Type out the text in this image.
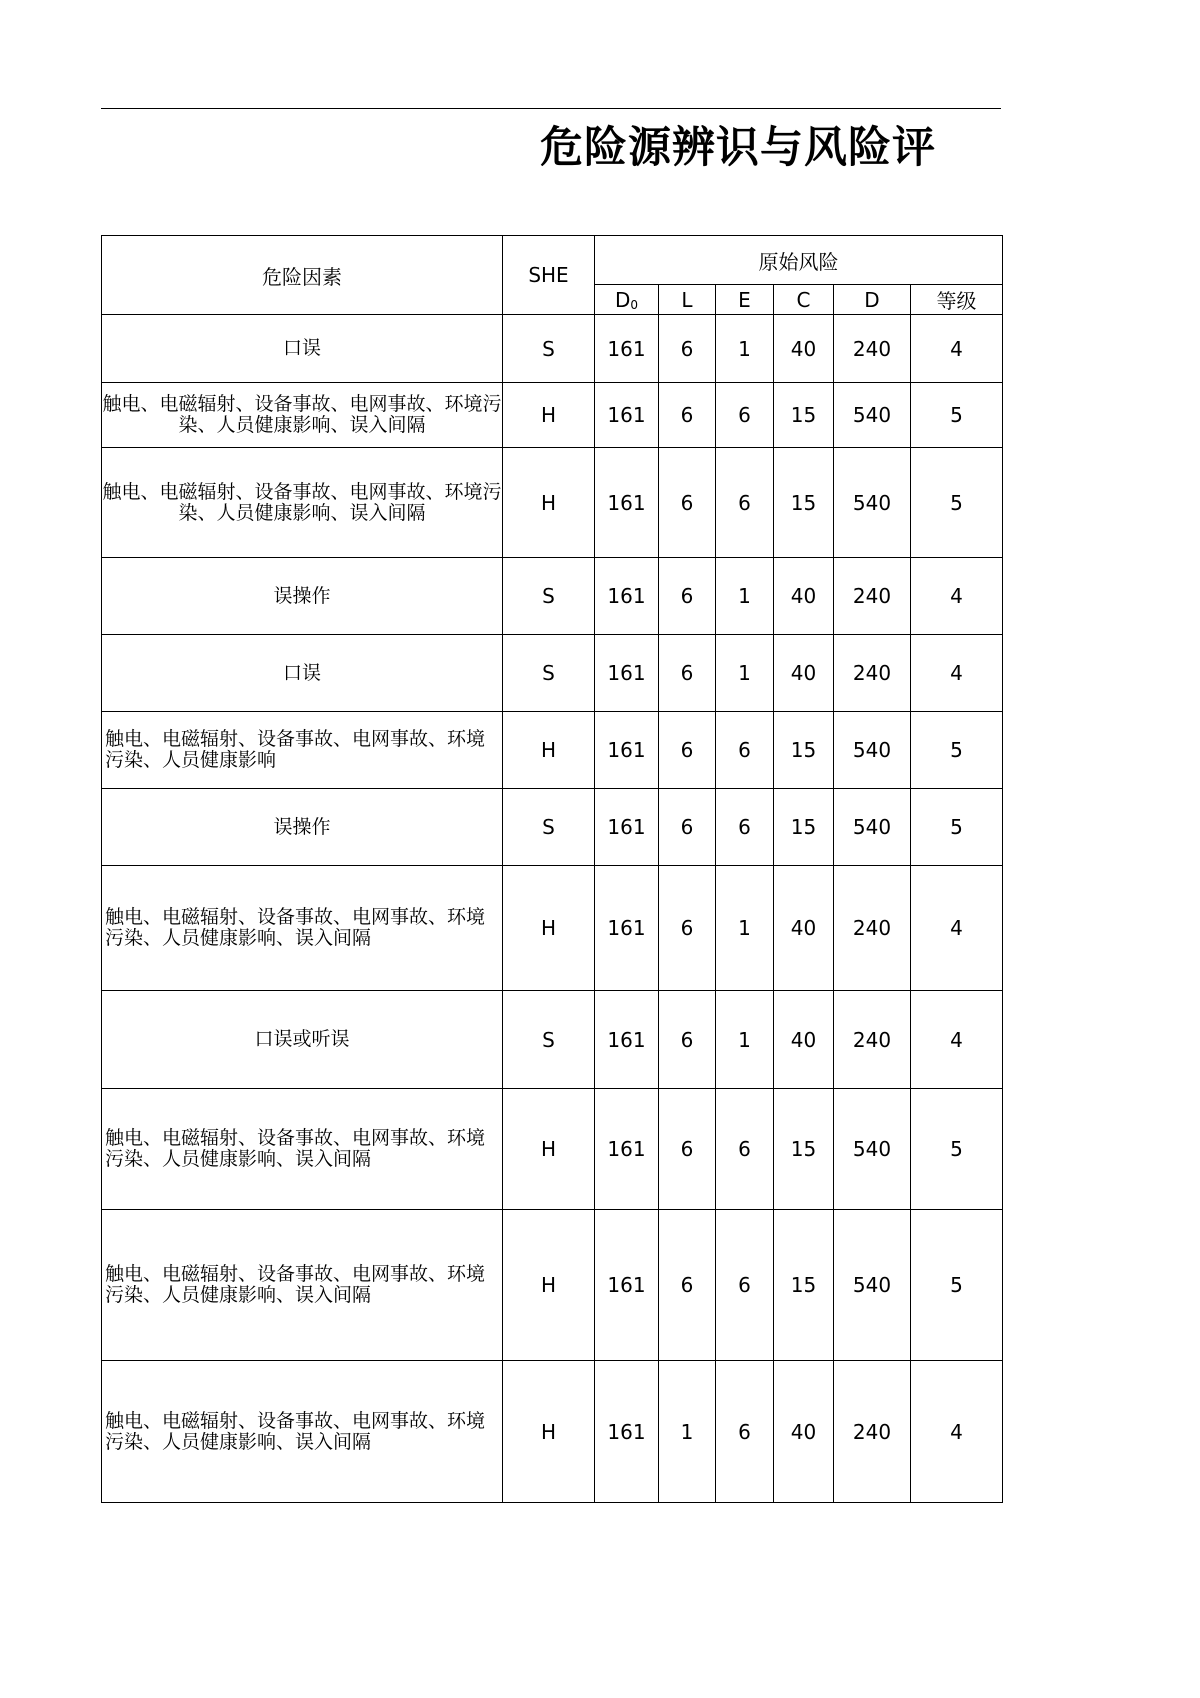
危险源辨识与风险评
危险因素	SHE	原始风险					
		$D_0$	L	E	C	D	等级
口误	S	161	6	1	40	240	4
触电、电磁辐射、设备事故、电网事故、环境污染、人员健康影响、误入间隔	H	161	6	6	15	540	5
触电、电磁辐射、设备事故、电网事故、环境污染、人员健康影响、误入间隔	H	161	6	6	15	540	5
误操作	S	161	6	1	40	240	4
口误	S	161	6	1	40	240	4
触电、电磁辐射、设备事故、电网事故、环境污染、人员健康影响	H	161	6	6	15	540	5
误操作	S	161	6	6	15	540	5
触电、电磁辐射、设备事故、电网事故、环境污染、人员健康影响、误入间隔	H	161	6	1	40	240	4
口误或听误	S	161	6	1	40	240	4
触电、电磁辐射、设备事故、电网事故、环境污染、人员健康影响、误入间隔	H	161	6	6	15	540	5
触电、电磁辐射、设备事故、电网事故、环境污染、人员健康影响、误入间隔	H	161	6	6	15	540	5
触电、电磁辐射、设备事故、电网事故、环境污染、人员健康影响、误入间隔	H	161	1	6	40	240	4
